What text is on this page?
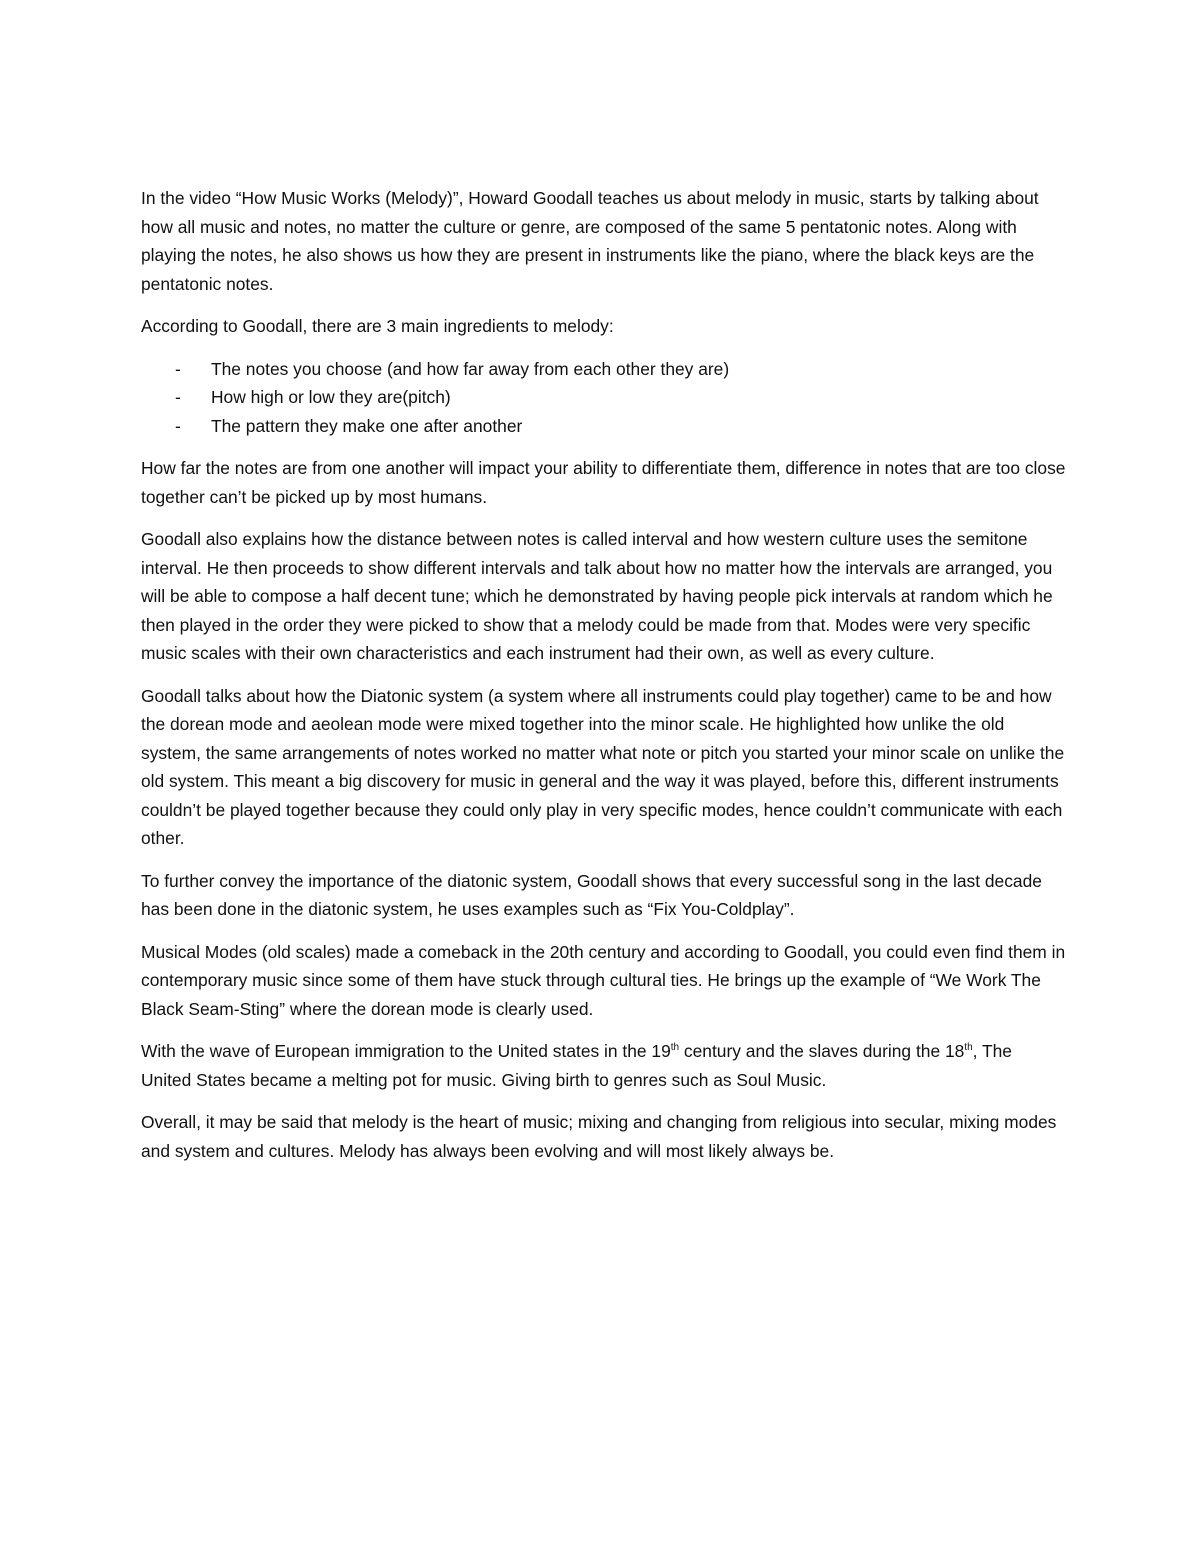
In the video “How Music Works (Melody)”, Howard Goodall teaches us about melody in music, starts by talking about how all music and notes, no matter the culture or genre, are composed of the same 5 pentatonic notes. Along with playing the notes, he also shows us how they are present in instruments like the piano, where the black keys are the pentatonic notes.

According to Goodall, there are 3 main ingredients to melody:

- The notes you choose (and how far away from each other they are)
- How high or low they are(pitch)
- The pattern they make one after another

How far the notes are from one another will impact your ability to differentiate them, difference in notes that are too close together can’t be picked up by most humans.

Goodall also explains how the distance between notes is called interval and how western culture uses the semitone interval. He then proceeds to show different intervals and talk about how no matter how the intervals are arranged, you will be able to compose a half decent tune; which he demonstrated by having people pick intervals at random which he then played in the order they were picked to show that a melody could be made from that. Modes were very specific music scales with their own characteristics and each instrument had their own, as well as every culture.

Goodall talks about how the Diatonic system (a system where all instruments could play together) came to be and how the dorean mode and aeolean mode were mixed together into the minor scale. He highlighted how unlike the old system, the same arrangements of notes worked no matter what note or pitch you started your minor scale on unlike the old system. This meant a big discovery for music in general and the way it was played, before this, different instruments couldn’t be played together because they could only play in very specific modes, hence couldn’t communicate with each other.

To further convey the importance of the diatonic system, Goodall shows that every successful song in the last decade has been done in the diatonic system, he uses examples such as “Fix You-Coldplay”.

Musical Modes (old scales) made a comeback in the 20th century and according to Goodall, you could even find them in contemporary music since some of them have stuck through cultural ties. He brings up the example of “We Work The Black Seam-Sting” where the dorean mode is clearly used.

With the wave of European immigration to the United states in the 19th century and the slaves during the 18th, The United States became a melting pot for music. Giving birth to genres such as Soul Music.

Overall, it may be said that melody is the heart of music; mixing and changing from religious into secular, mixing modes and system and cultures. Melody has always been evolving and will most likely always be.
